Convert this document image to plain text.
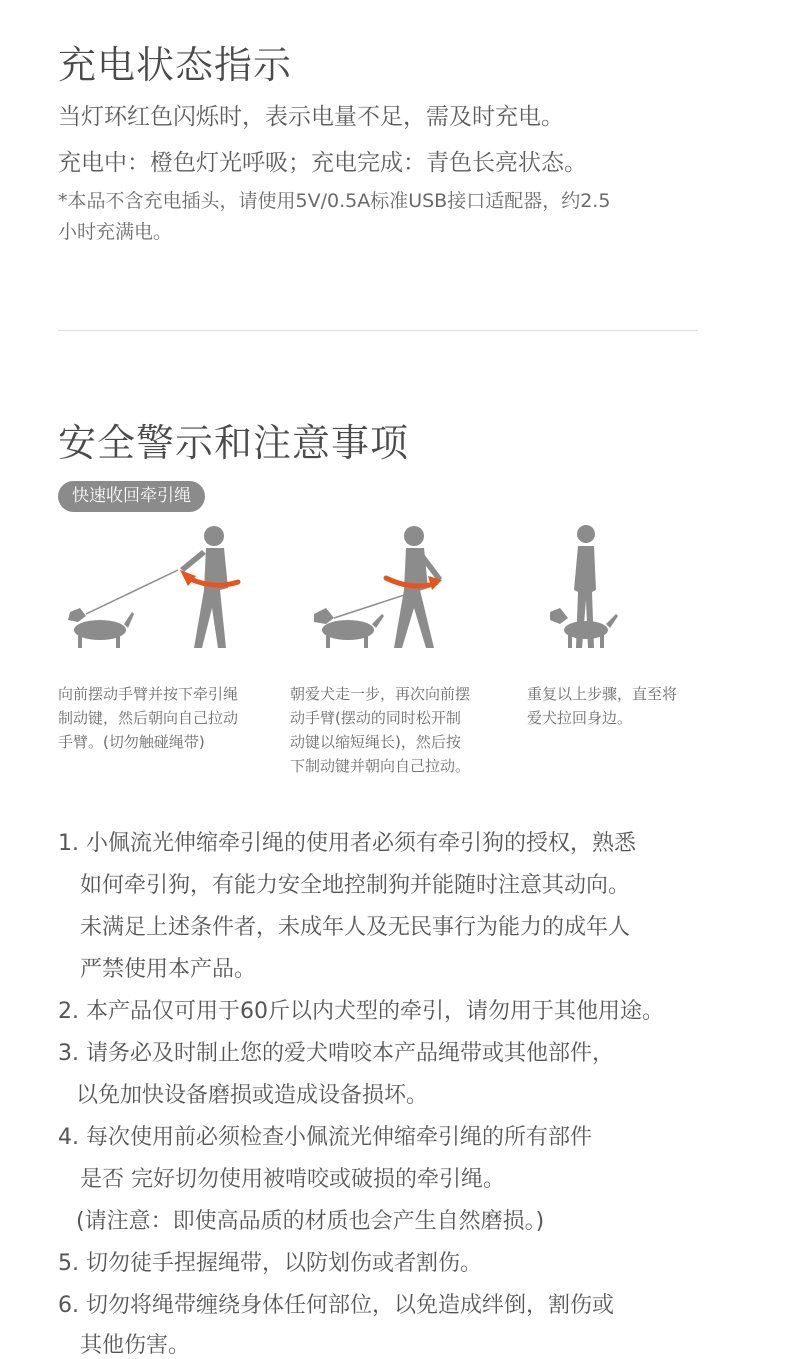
充电状态指示
当灯环红色闪烁时，表示电量不足，需及时充电。
充电中：橙色灯光呼吸；充电完成：青色长亮状态。
*本品不含充电插头，请使用5V/0.5A标准USB接口适配器，约2.5
小时充满电。
安全警示和注意事项
快速收回牵引绳
向前摆动手臂并按下牵引绳
制动键，然后朝向自己拉动
手臂。(切勿触碰绳带)
朝爱犬走一步，再次向前摆
动手臂(摆动的同时松开制
动键以缩短绳长)，然后按
下制动键并朝向自己拉动。
重复以上步骤，直至将
爱犬拉回身边。
1. 小佩流光伸缩牵引绳的使用者必须有牵引狗的授权，熟悉
如何牵引狗，有能力安全地控制狗并能随时注意其动向。
未满足上述条件者，未成年人及无民事行为能力的成年人
严禁使用本产品。
2. 本产品仅可用于60斤以内犬型的牵引，请勿用于其他用途。
3. 请务必及时制止您的爱犬啃咬本产品绳带或其他部件，
以免加快设备磨损或造成设备损坏。
4. 每次使用前必须检查小佩流光伸缩牵引绳的所有部件
是否 完好切勿使用被啃咬或破损的牵引绳。
(请注意：即使高品质的材质也会产生自然磨损。)
5. 切勿徒手捏握绳带，以防划伤或者割伤。
6. 切勿将绳带缠绕身体任何部位，以免造成绊倒，割伤或
其他伤害。
